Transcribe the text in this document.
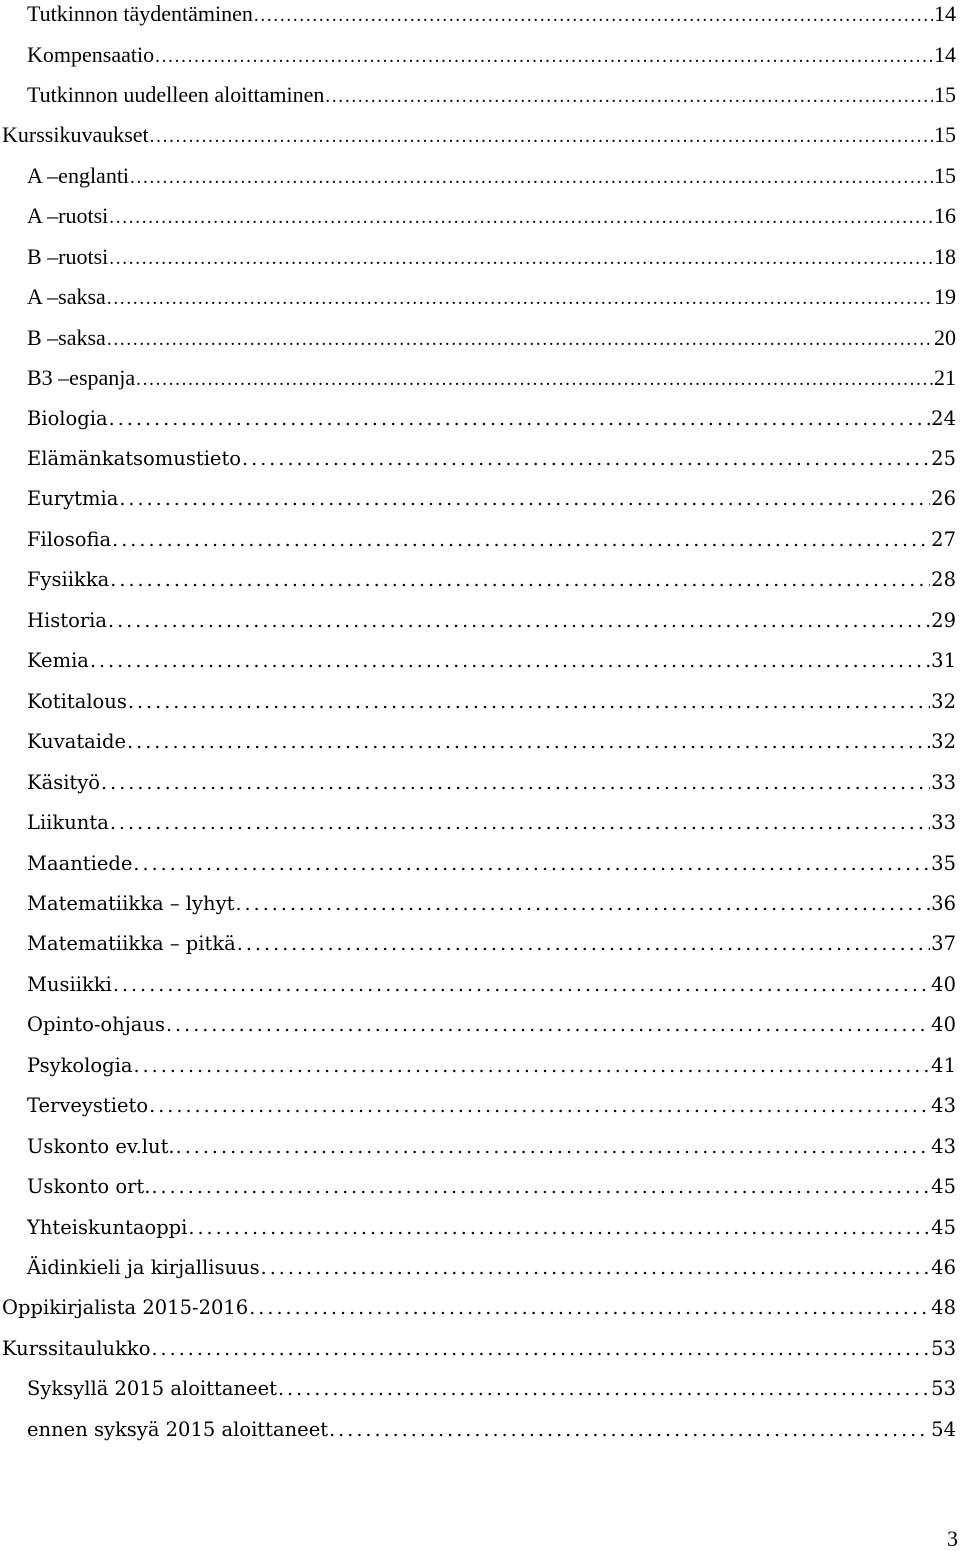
Tutkinnon täydentäminen . . .	14
Kompensaatio . . .	14
Tutkinnon uudelleen aloittaminen . . .	15
Kurssikuvaukset . . .	15
A –englanti . . .	15
A –ruotsi . . .	16
B –ruotsi . . .	18
A –saksa . . .	19
B –saksa . . .	20
B3 –espanja . . .	21
Biologia . . .	24
Elämänkatsomustieto . . .	25
Eurytmia . . .	26
Filosofia . . .	27
Fysiikka . . .	28
Historia . . .	29
Kemia . . .	31
Kotitalous . . .	32
Kuvataide . . .	32
Käsityö . . .	33
Liikunta . . .	33
Maantiede . . .	35
Matematiikka – lyhyt . . .	36
Matematiikka – pitkä . . .	37
Musiikki . . .	40
Opinto-ohjaus . . .	40
Psykologia . . .	41
Terveystieto . . .	43
Uskonto ev.lut. . . .	43
Uskonto ort. . . .	45
Yhteiskuntaoppi . . .	45
Äidinkieli ja kirjallisuus . . .	46
Oppikirjalista 2015-2016 . . .	48
Kurssitaulukko . . .	53
Syksyllä 2015 aloittaneet . . .	53
ennen syksyä 2015 aloittaneet . . .	54
3
